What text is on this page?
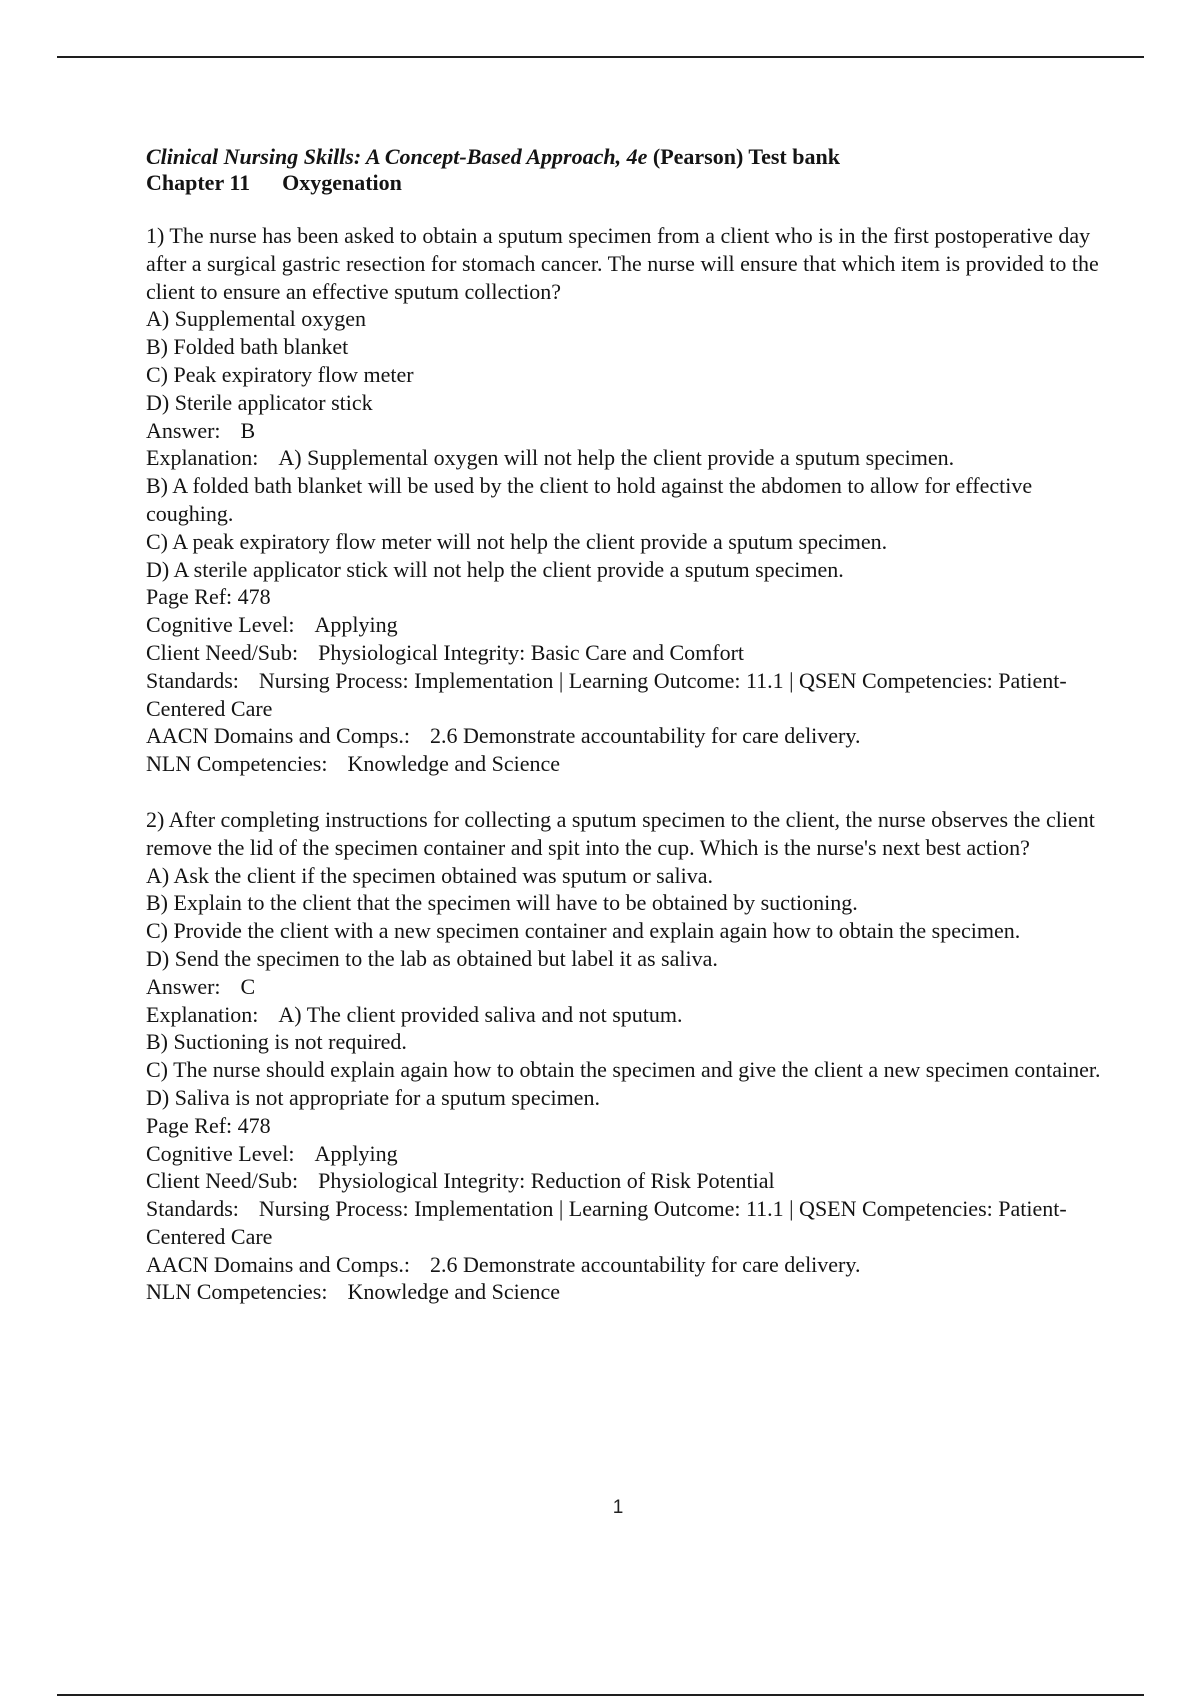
Clinical Nursing Skills: A Concept-Based Approach, 4e (Pearson) Test bank
Chapter 11 Oxygenation
1) The nurse has been asked to obtain a sputum specimen from a client who is in the first postoperative day after a surgical gastric resection for stomach cancer. The nurse will ensure that which item is provided to the client to ensure an effective sputum collection?
A) Supplemental oxygen
B) Folded bath blanket
C) Peak expiratory flow meter
D) Sterile applicator stick
Answer: B
Explanation: A) Supplemental oxygen will not help the client provide a sputum specimen.
B) A folded bath blanket will be used by the client to hold against the abdomen to allow for effective coughing.
C) A peak expiratory flow meter will not help the client provide a sputum specimen.
D) A sterile applicator stick will not help the client provide a sputum specimen.
Page Ref: 478
Cognitive Level: Applying
Client Need/Sub: Physiological Integrity: Basic Care and Comfort
Standards: Nursing Process: Implementation | Learning Outcome: 11.1 | QSEN Competencies: Patient-Centered Care
AACN Domains and Comps.: 2.6 Demonstrate accountability for care delivery.
NLN Competencies: Knowledge and Science
2) After completing instructions for collecting a sputum specimen to the client, the nurse observes the client remove the lid of the specimen container and spit into the cup. Which is the nurse's next best action?
A) Ask the client if the specimen obtained was sputum or saliva.
B) Explain to the client that the specimen will have to be obtained by suctioning.
C) Provide the client with a new specimen container and explain again how to obtain the specimen.
D) Send the specimen to the lab as obtained but label it as saliva.
Answer: C
Explanation: A) The client provided saliva and not sputum.
B) Suctioning is not required.
C) The nurse should explain again how to obtain the specimen and give the client a new specimen container.
D) Saliva is not appropriate for a sputum specimen.
Page Ref: 478
Cognitive Level: Applying
Client Need/Sub: Physiological Integrity: Reduction of Risk Potential
Standards: Nursing Process: Implementation | Learning Outcome: 11.1 | QSEN Competencies: Patient-Centered Care
AACN Domains and Comps.: 2.6 Demonstrate accountability for care delivery.
NLN Competencies: Knowledge and Science
1
